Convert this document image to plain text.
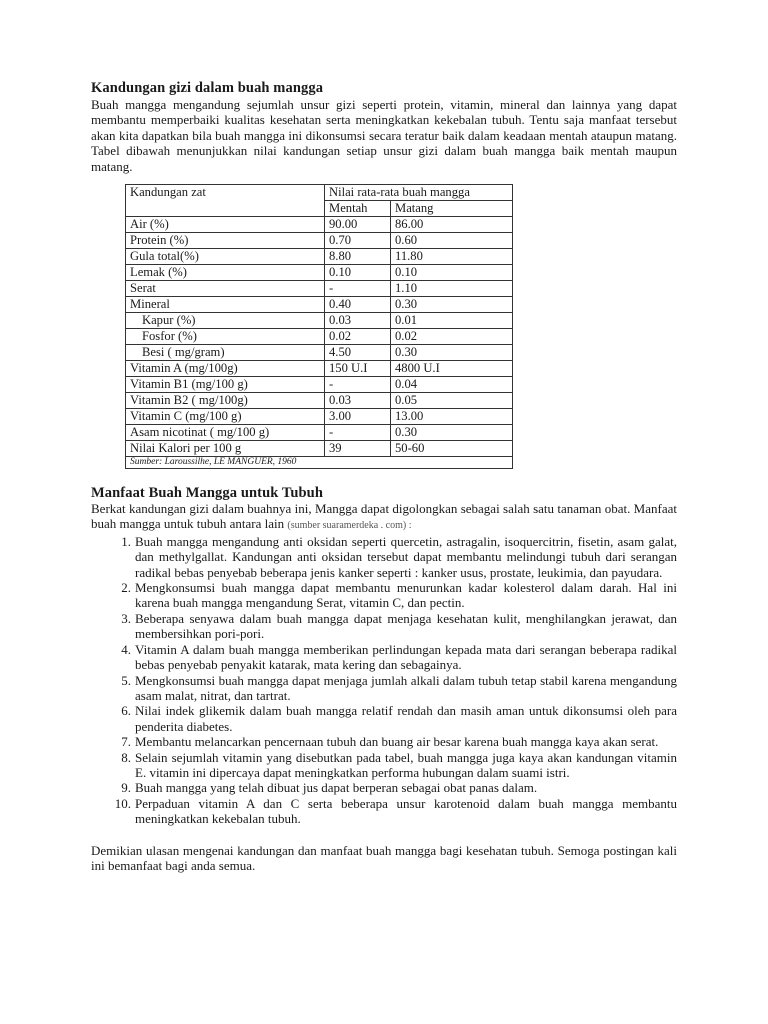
Kandungan gizi dalam buah mangga

Buah mangga mengandung sejumlah unsur gizi seperti protein, vitamin, mineral dan lainnya yang dapat membantu memperbaiki kualitas kesehatan serta meningkatkan kekebalan tubuh. Tentu saja manfaat tersebut akan kita dapatkan bila buah mangga ini dikonsumsi secara teratur baik dalam keadaan mentah ataupun matang. Tabel dibawah menunjukkan nilai kandungan setiap unsur gizi dalam buah mangga baik mentah maupun matang.

Kandungan zat	Nilai rata-rata buah mangga	
	Mentah	Matang
Air (%)	90.00	86.00
Protein (%)	0.70	0.60
Gula total(%)	8.80	11.80
Lemak (%)	0.10	0.10
Serat	-	1.10
Mineral	0.40	0.30
Kapur (%)	0.03	0.01
Fosfor (%)	0.02	0.02
Besi ( mg/gram)	4.50	0.30
Vitamin A (mg/100g)	150 U.I	4800 U.I
Vitamin B1 (mg/100 g)	-	0.04
Vitamin B2 ( mg/100g)	0.03	0.05
Vitamin C (mg/100 g)	3.00	13.00
Asam nicotinat ( mg/100 g)	-	0.30
Nilai Kalori per 100 g	39	50-60
Sumber: Laroussilhe, LE MANGUER, 1960		
Manfaat Buah Mangga untuk Tubuh

Berkat kandungan gizi dalam buahnya ini, Mangga dapat digolongkan sebagai salah satu tanaman obat. Manfaat buah mangga untuk tubuh antara lain (sumber suaramerdeka . com) :

1. Buah mangga mengandung anti oksidan seperti quercetin, astragalin, isoquercitrin, fisetin, asam galat, dan methylgallat. Kandungan anti oksidan tersebut dapat membantu melindungi tubuh dari serangan radikal bebas penyebab beberapa jenis kanker seperti : kanker usus, prostate, leukimia, dan payudara.
2. Mengkonsumsi buah mangga dapat membantu menurunkan kadar kolesterol dalam darah. Hal ini karena buah mangga mengandung Serat, vitamin C, dan pectin.
3. Beberapa senyawa dalam buah mangga dapat menjaga kesehatan kulit, menghilangkan jerawat, dan membersihkan pori-pori.
4. Vitamin A dalam buah mangga memberikan perlindungan kepada mata dari serangan beberapa radikal bebas penyebab penyakit katarak, mata kering dan sebagainya.
5. Mengkonsumsi buah mangga dapat menjaga jumlah alkali dalam tubuh tetap stabil karena mengandung asam malat, nitrat, dan tartrat.
6. Nilai indek glikemik dalam buah mangga relatif rendah dan masih aman untuk dikonsumsi oleh para penderita diabetes.
7. Membantu melancarkan pencernaan tubuh dan buang air besar karena buah mangga kaya akan serat.
8. Selain sejumlah vitamin yang disebutkan pada tabel, buah mangga juga kaya akan kandungan vitamin E. vitamin ini dipercaya dapat meningkatkan performa hubungan dalam suami istri.
9. Buah mangga yang telah dibuat jus dapat berperan sebagai obat panas dalam.
10. Perpaduan vitamin A dan C serta beberapa unsur karotenoid dalam buah mangga membantu meningkatkan kekebalan tubuh.

Demikian ulasan mengenai kandungan dan manfaat buah mangga bagi kesehatan tubuh. Semoga postingan kali ini bemanfaat bagi anda semua.
